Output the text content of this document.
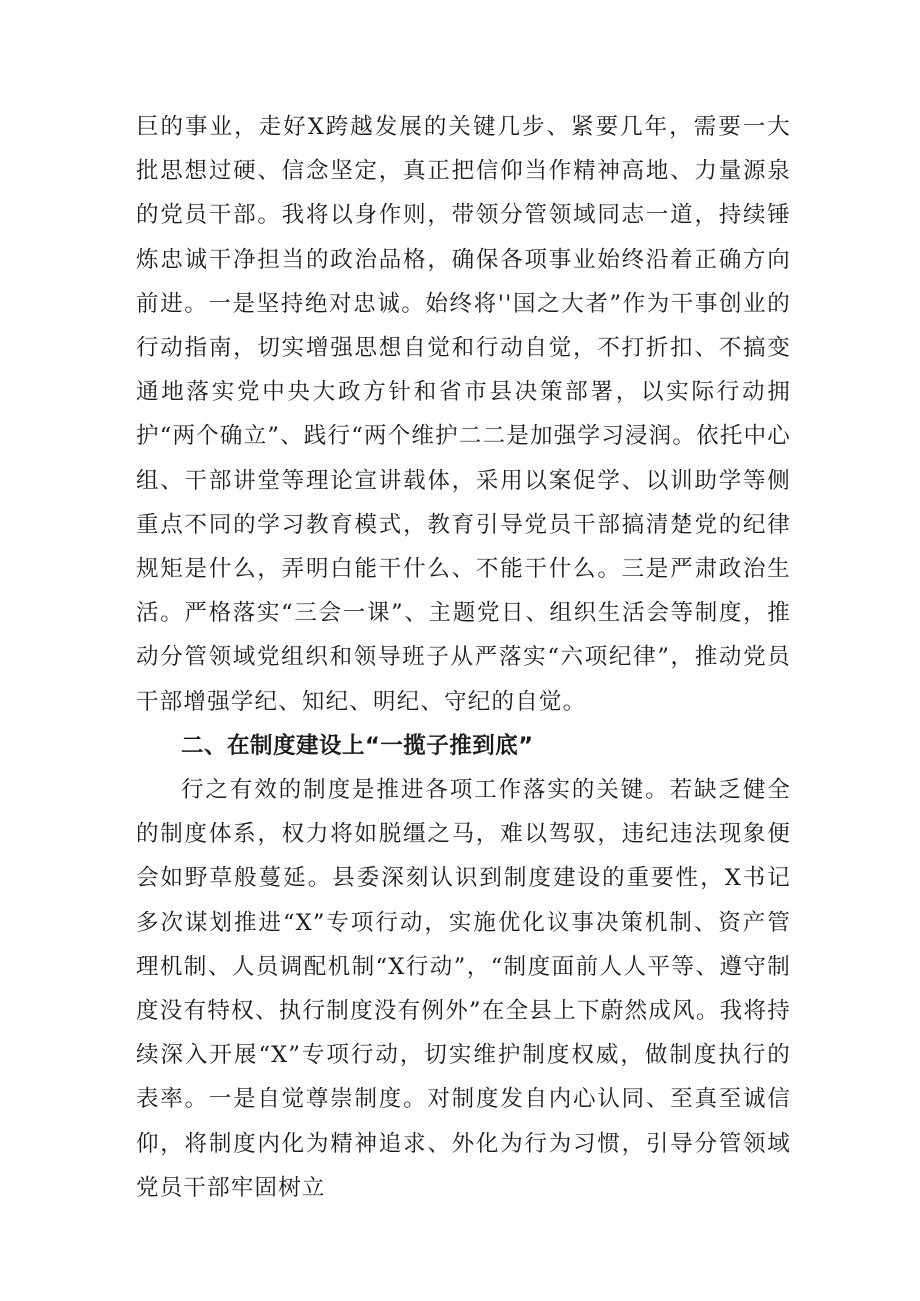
巨的事业，走好X跨越发展的关键几步、紧要几年，需要一大批思想过硬、信念坚定，真正把信仰当作精神高地、力量源泉的党员干部。我将以身作则，带领分管领域同志一道，持续锤炼忠诚干净担当的政治品格，确保各项事业始终沿着正确方向前进。一是坚持绝对忠诚。始终将''国之大者”作为干事创业的行动指南，切实增强思想自觉和行动自觉，不打折扣、不搞变通地落实党中央大政方针和省市县决策部署，以实际行动拥护“两个确立”、践行“两个维护二二是加强学习浸润。依托中心组、干部讲堂等理论宣讲载体，采用以案促学、以训助学等侧重点不同的学习教育模式，教育引导党员干部搞清楚党的纪律规矩是什么，弄明白能干什么、不能干什么。三是严肃政治生活。严格落实“三会一课”、主题党日、组织生活会等制度，推动分管领域党组织和领导班子从严落实“六项纪律”，推动党员干部增强学纪、知纪、明纪、守纪的自觉。

二、在制度建设上“一揽子推到底”

行之有效的制度是推进各项工作落实的关键。若缺乏健全的制度体系，权力将如脱缰之马，难以驾驭，违纪违法现象便会如野草般蔓延。县委深刻认识到制度建设的重要性，X书记多次谋划推进“X”专项行动，实施优化议事决策机制、资产管理机制、人员调配机制“X行动”，“制度面前人人平等、遵守制度没有特权、执行制度没有例外”在全县上下蔚然成风。我将持续深入开展“X”专项行动，切实维护制度权威，做制度执行的表率。一是自觉尊崇制度。对制度发自内心认同、至真至诚信仰，将制度内化为精神追求、外化为行为习惯，引导分管领域党员干部牢固树立
